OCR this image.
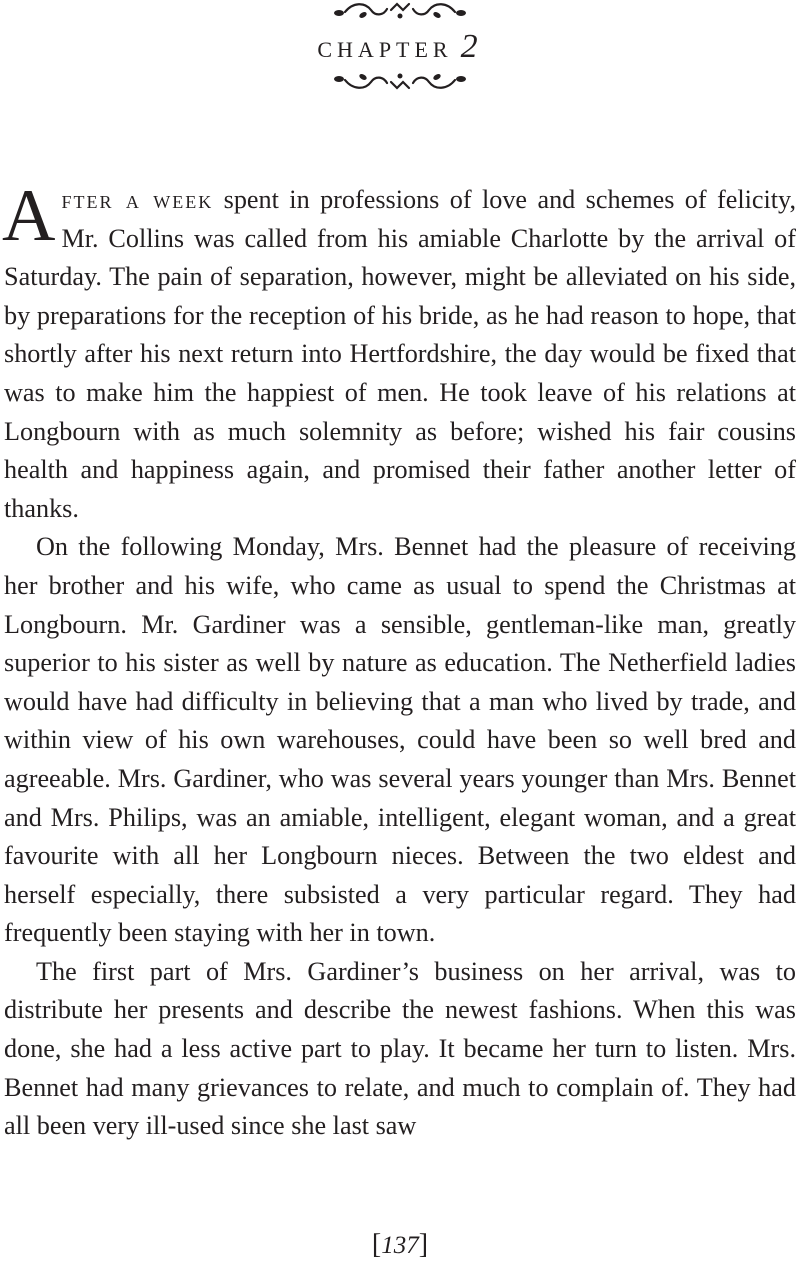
chapter 2

After a week spent in professions of love and schemes of felicity, Mr. Collins was called from his amiable Charlotte by the arrival of Saturday. The pain of separation, however, might be alleviated on his side, by preparations for the reception of his bride, as he had reason to hope, that shortly after his next return into Hertfordshire, the day would be fixed that was to make him the happiest of men. He took leave of his relations at Longbourn with as much solemnity as before; wished his fair cousins health and happiness again, and promised their father another letter of thanks.

On the following Monday, Mrs. Bennet had the pleasure of receiving her brother and his wife, who came as usual to spend the Christmas at Longbourn. Mr. Gardiner was a sensible, gentleman-like man, greatly superior to his sister as well by nature as education. The Netherfield ladies would have had difficulty in believing that a man who lived by trade, and within view of his own warehouses, could have been so well bred and agreeable. Mrs. Gardiner, who was several years younger than Mrs. Bennet and Mrs. Philips, was an amiable, intelligent, elegant woman, and a great favourite with all her Longbourn nieces. Between the two eldest and herself especially, there subsisted a very particular regard. They had frequently been staying with her in town.

The first part of Mrs. Gardiner’s business on her arrival, was to distribute her presents and describe the newest fashions. When this was done, she had a less active part to play. It became her turn to listen. Mrs. Bennet had many grievances to relate, and much to complain of. They had all been very ill-used since she last saw

[137]
